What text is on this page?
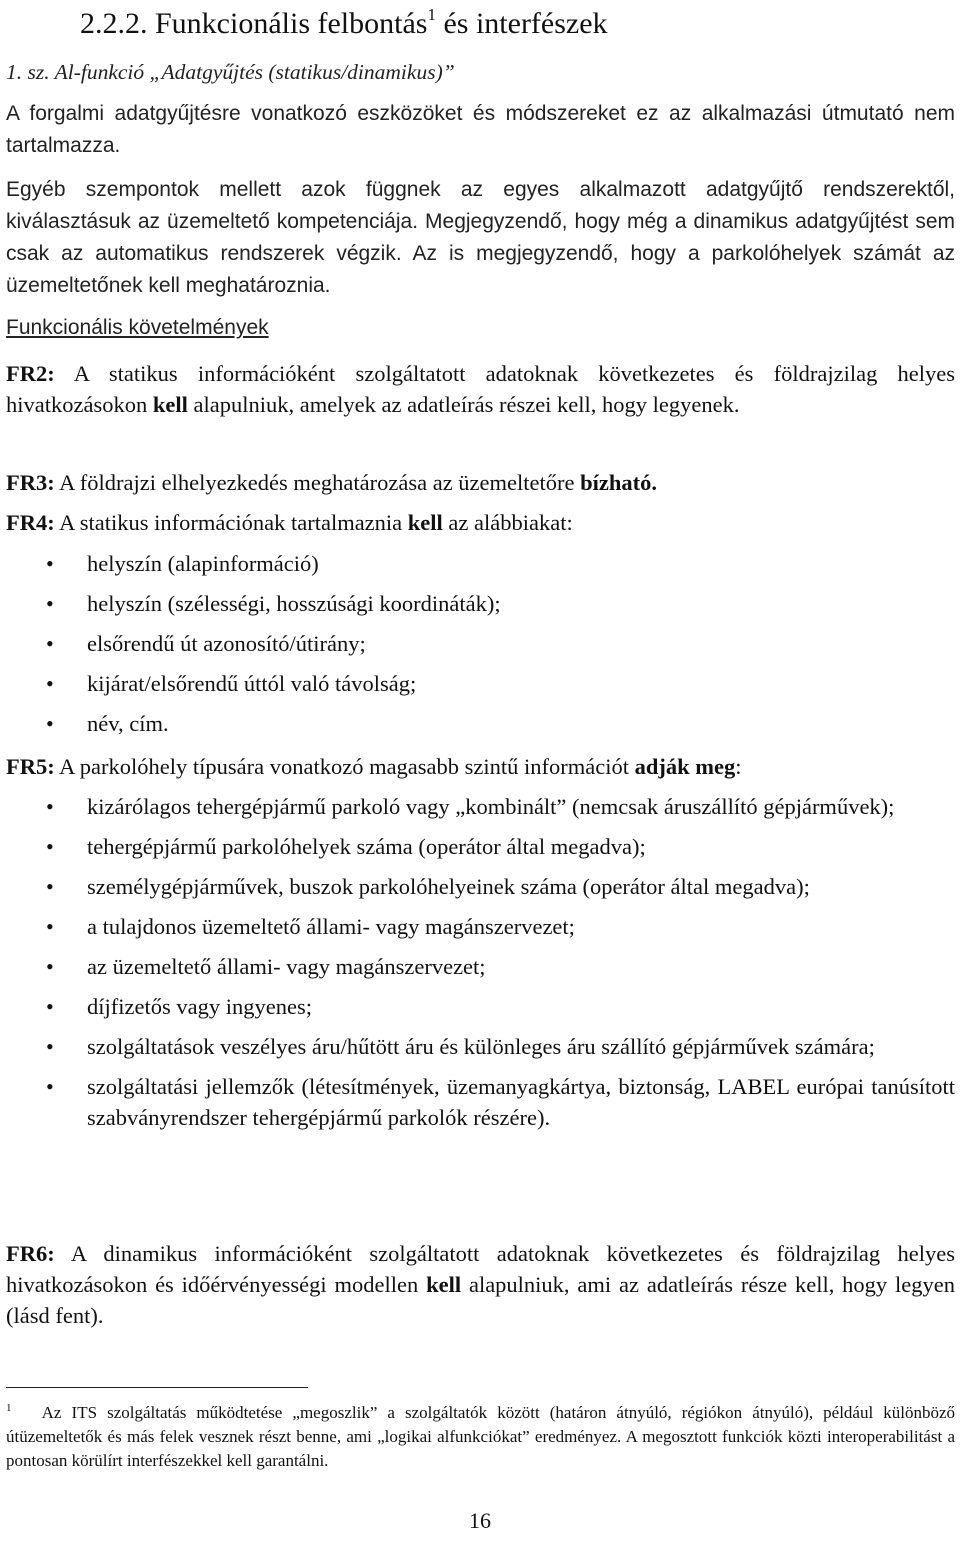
2.2.2. Funkcionális felbontás$^1$ és interfészek
1. sz. Al-funkció „Adatgyűjtés (statikus/dinamikus)”
A forgalmi adatgyűjtésre vonatkozó eszközöket és módszereket ez az alkalmazási útmutató nem tartalmazza.
Egyéb szempontok mellett azok függnek az egyes alkalmazott adatgyűjtő rendszerektől, kiválasztásuk az üzemeltető kompetenciája. Megjegyzendő, hogy még a dinamikus adatgyűjtést sem csak az automatikus rendszerek végzik. Az is megjegyzendő, hogy a parkolóhelyek számát az üzemeltetőnek kell meghatároznia.
Funkcionális követelmények
FR2: A statikus információként szolgáltatott adatoknak következetes és földrajzilag helyes hivatkozásokon kell alapulniuk, amelyek az adatleírás részei kell, hogy legyenek.
FR3: A földrajzi elhelyezkedés meghatározása az üzemeltetőre bízható.
FR4: A statikus információnak tartalmaznia kell az alábbiakat:
• helyszín (alapinformáció)
• helyszín (szélességi, hosszúsági koordináták);
• elsőrendű út azonosító/útirány;
• kijárat/elsőrendű úttól való távolság;
• név, cím.
FR5: A parkolóhely típusára vonatkozó magasabb szintű információt adják meg:
• kizárólagos tehergépjármű parkoló vagy „kombinált” (nemcsak áruszállító gépjárművek);
• tehergépjármű parkolóhelyek száma (operátor által megadva);
• személygépjárművek, buszok parkolóhelyeinek száma (operátor által megadva);
• a tulajdonos üzemeltető állami- vagy magánszervezet;
• az üzemeltető állami- vagy magánszervezet;
• díjfizetős vagy ingyenes;
• szolgáltatások veszélyes áru/hűtött áru és különleges áru szállító gépjárművek számára;
• szolgáltatási jellemzők (létesítmények, üzemanyagkártya, biztonság, LABEL európai tanúsított szabványrendszer tehergépjármű parkolók részére).
FR6: A dinamikus információként szolgáltatott adatoknak következetes és földrajzilag helyes hivatkozásokon és időérvényességi modellen kell alapulniuk, ami az adatleírás része kell, hogy legyen (lásd fent).
$^1$ Az ITS szolgáltatás működtetése „megoszlik” a szolgáltatók között (határon átnyúló, régiókon átnyúló), például különböző útüzemeltetők és más felek vesznek részt benne, ami „logikai alfunkciókat” eredményez. A megosztott funkciók közti interoperabilitást a pontosan körülírt interfészekkel kell garantálni.
16
